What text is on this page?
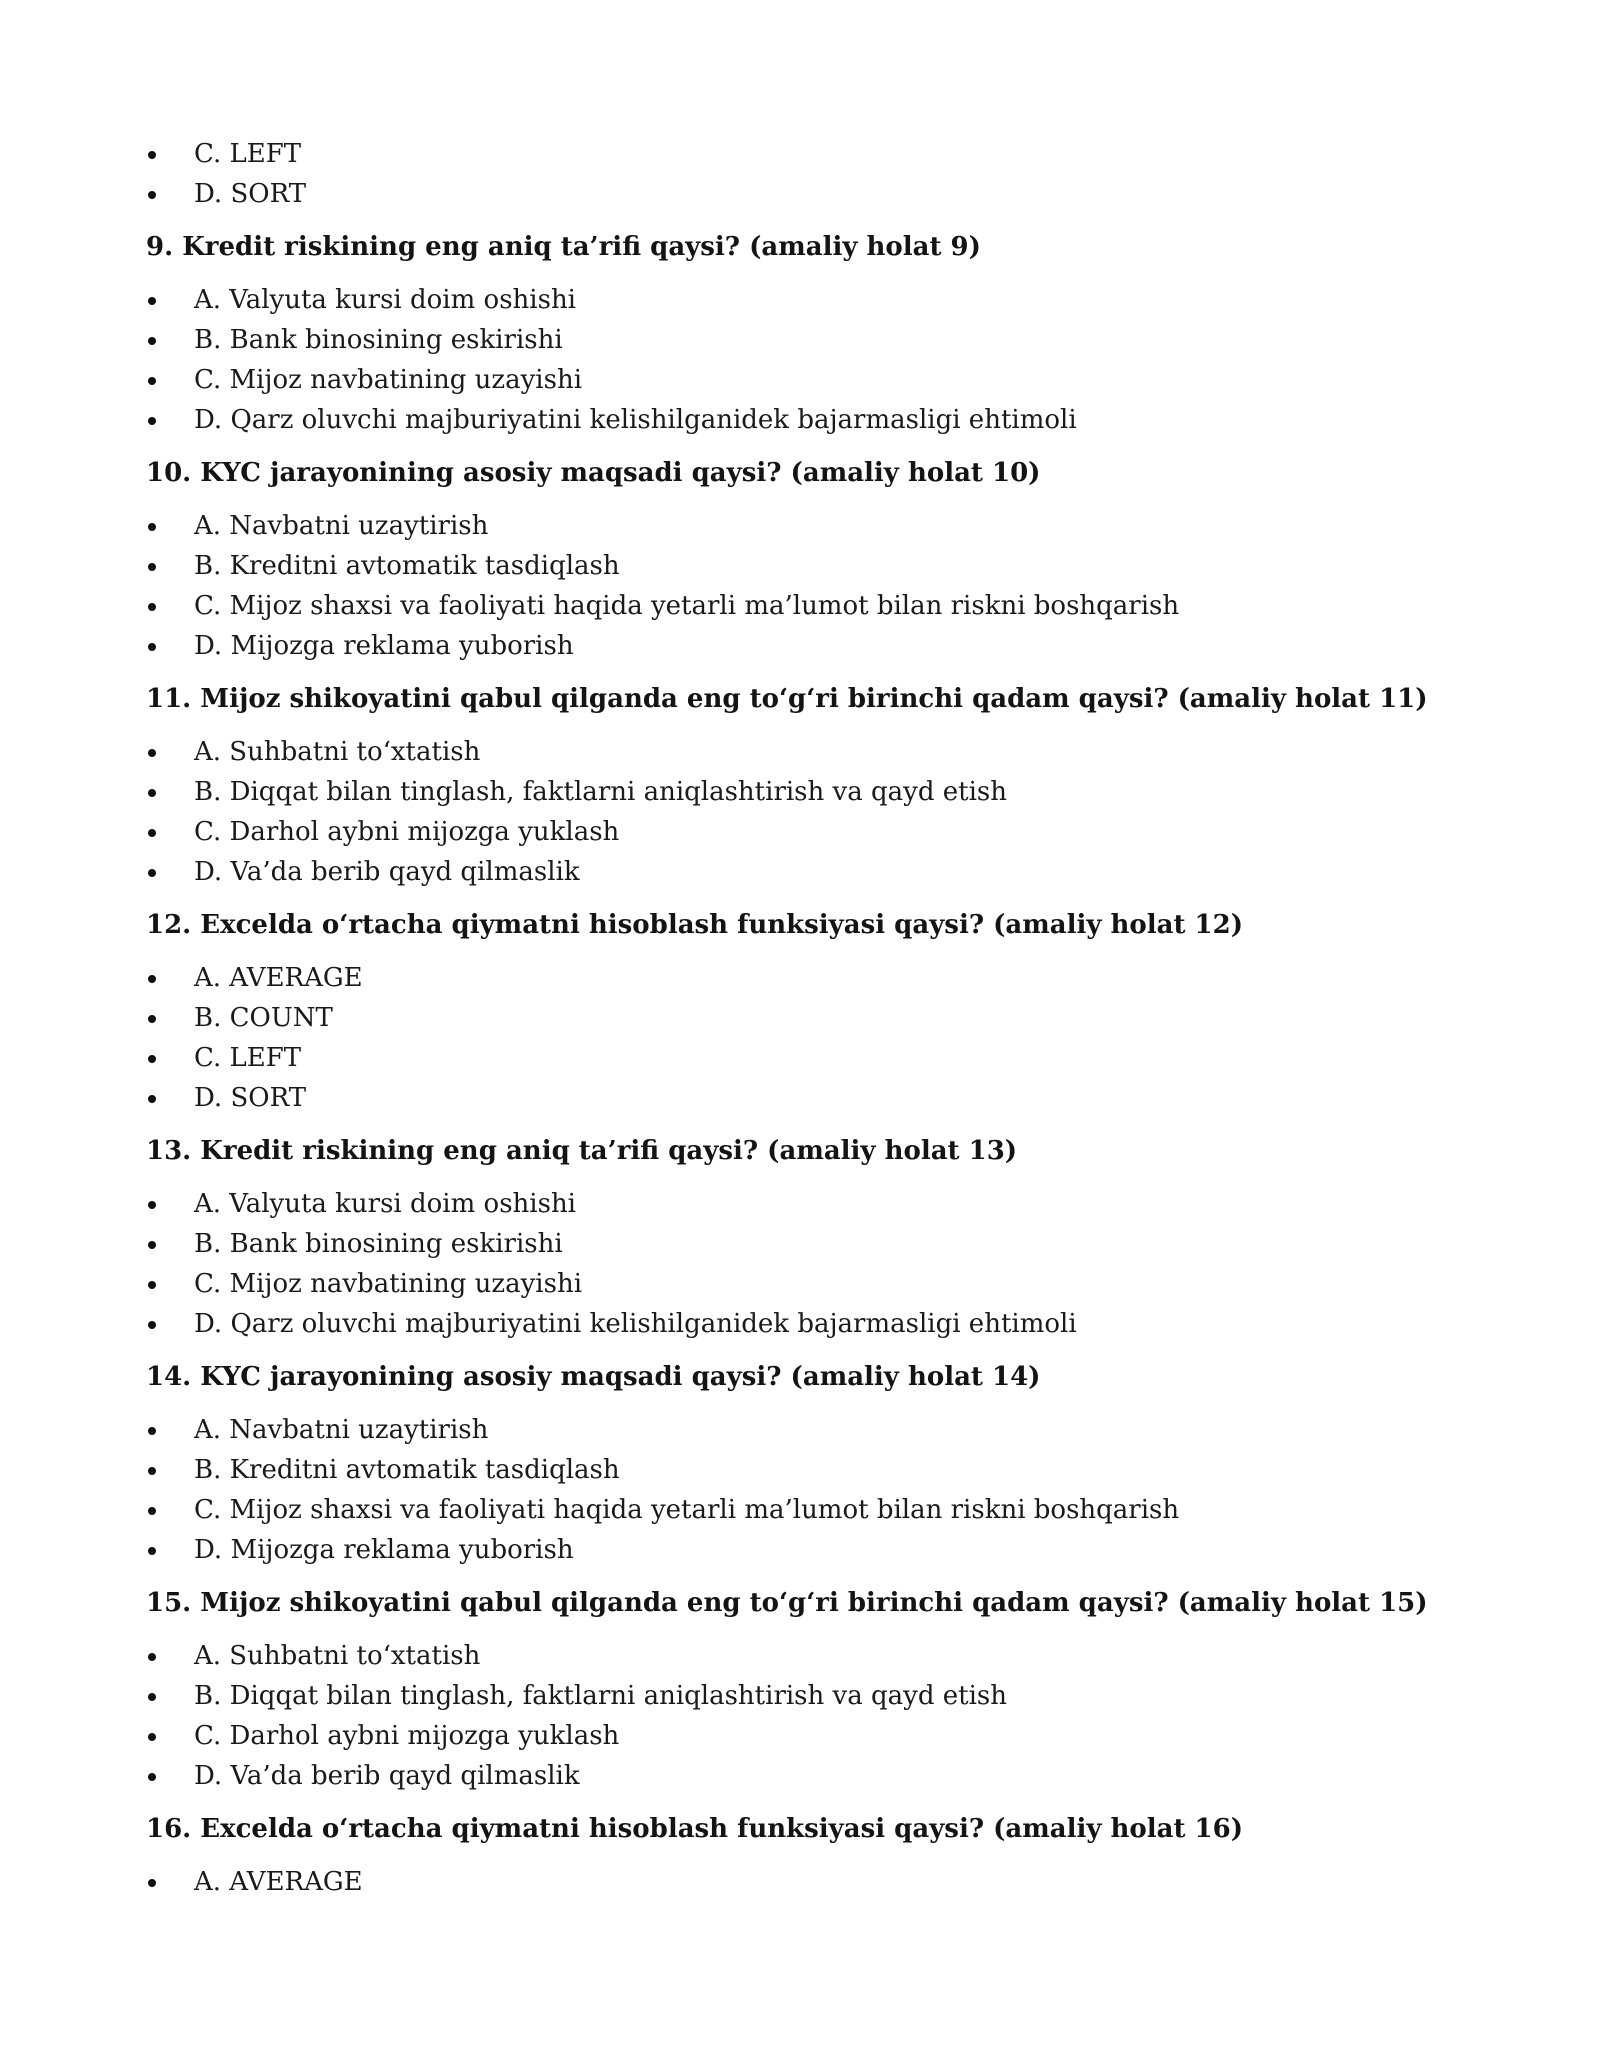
C. LEFT
D. SORT
9. Kredit riskining eng aniq ta’rifi qaysi? (amaliy holat 9)
A. Valyuta kursi doim oshishi
B. Bank binosining eskirishi
C. Mijoz navbatining uzayishi
D. Qarz oluvchi majburiyatini kelishilganidek bajarmasligi ehtimoli
10. KYC jarayonining asosiy maqsadi qaysi? (amaliy holat 10)
A. Navbatni uzaytirish
B. Kreditni avtomatik tasdiqlash
C. Mijoz shaxsi va faoliyati haqida yetarli ma’lumot bilan riskni boshqarish
D. Mijozga reklama yuborish
11. Mijoz shikoyatini qabul qilganda eng to‘g‘ri birinchi qadam qaysi? (amaliy holat 11)
A. Suhbatni to‘xtatish
B. Diqqat bilan tinglash, faktlarni aniqlashtirish va qayd etish
C. Darhol aybni mijozga yuklash
D. Va’da berib qayd qilmaslik
12. Excelda o‘rtacha qiymatni hisoblash funksiyasi qaysi? (amaliy holat 12)
A. AVERAGE
B. COUNT
C. LEFT
D. SORT
13. Kredit riskining eng aniq ta’rifi qaysi? (amaliy holat 13)
A. Valyuta kursi doim oshishi
B. Bank binosining eskirishi
C. Mijoz navbatining uzayishi
D. Qarz oluvchi majburiyatini kelishilganidek bajarmasligi ehtimoli
14. KYC jarayonining asosiy maqsadi qaysi? (amaliy holat 14)
A. Navbatni uzaytirish
B. Kreditni avtomatik tasdiqlash
C. Mijoz shaxsi va faoliyati haqida yetarli ma’lumot bilan riskni boshqarish
D. Mijozga reklama yuborish
15. Mijoz shikoyatini qabul qilganda eng to‘g‘ri birinchi qadam qaysi? (amaliy holat 15)
A. Suhbatni to‘xtatish
B. Diqqat bilan tinglash, faktlarni aniqlashtirish va qayd etish
C. Darhol aybni mijozga yuklash
D. Va’da berib qayd qilmaslik
16. Excelda o‘rtacha qiymatni hisoblash funksiyasi qaysi? (amaliy holat 16)
A. AVERAGE
